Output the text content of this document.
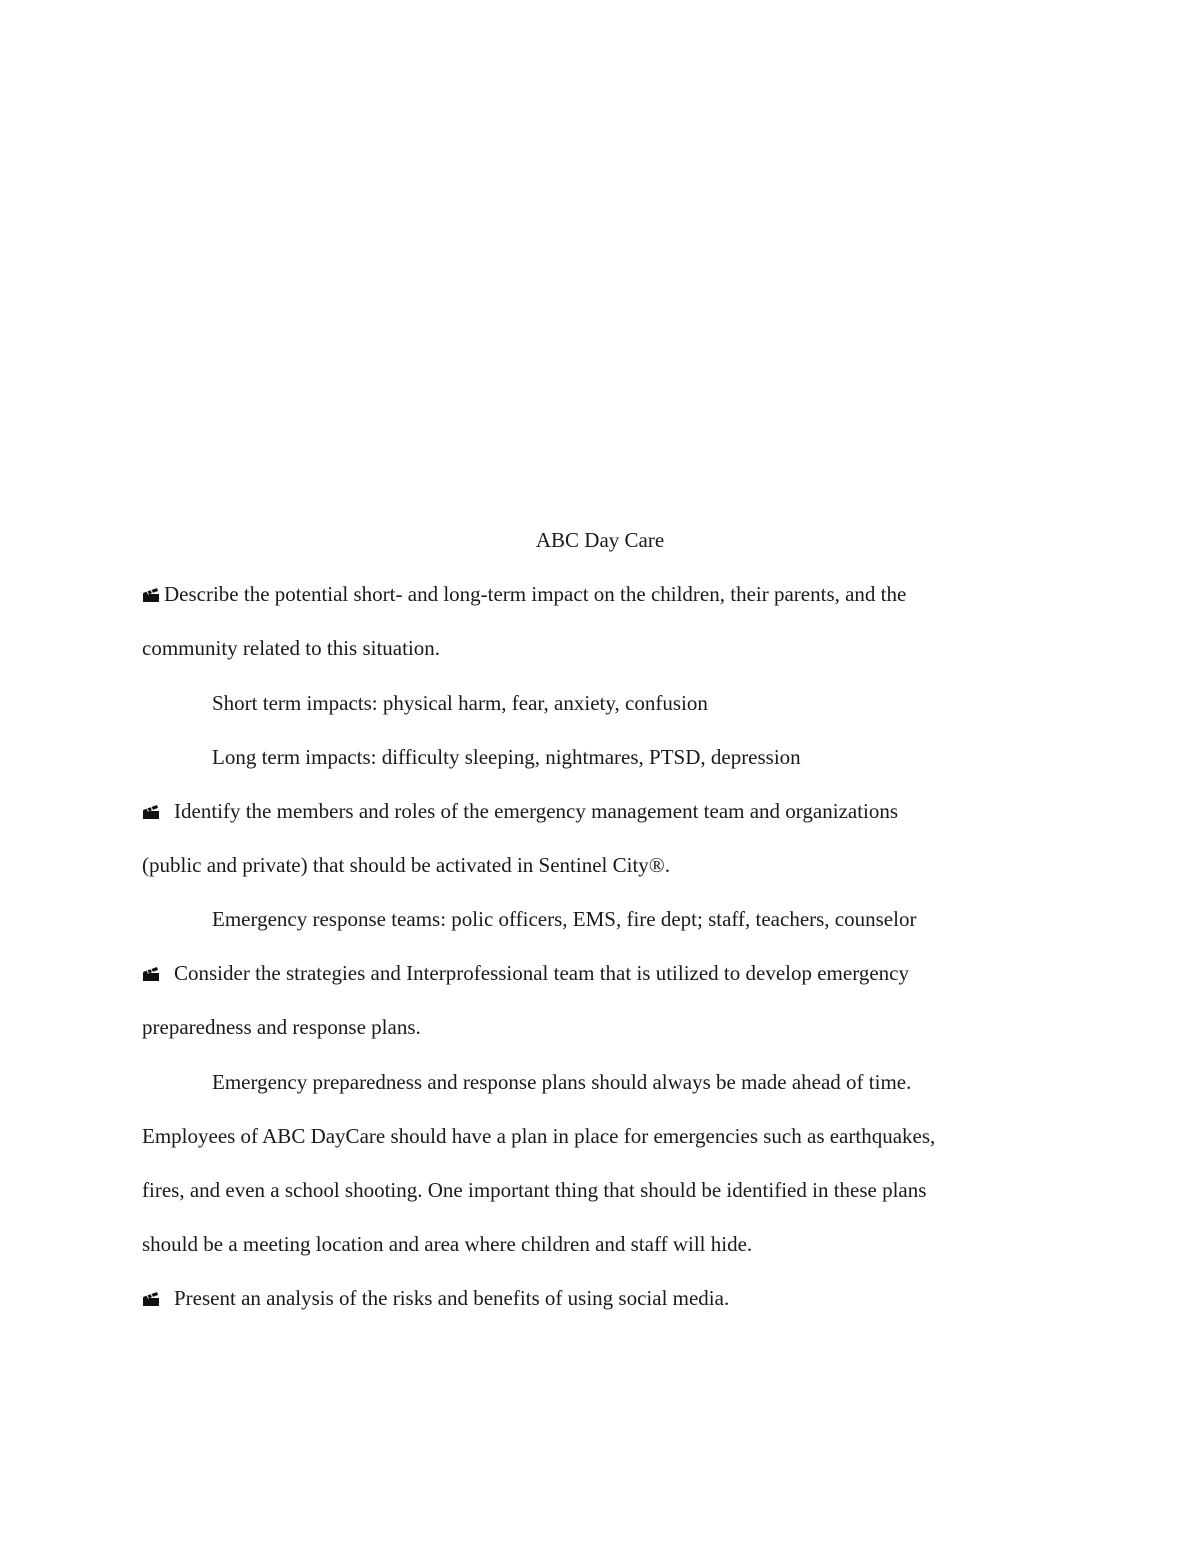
ABC Day Care
Describe the potential short- and long-term impact on the children, their parents, and the
community related to this situation.
Short term impacts: physical harm, fear, anxiety, confusion
Long term impacts: difficulty sleeping, nightmares, PTSD, depression
Identify the members and roles of the emergency management team and organizations
(public and private) that should be activated in Sentinel City®.
Emergency response teams: polic officers, EMS, fire dept; staff, teachers, counselor
Consider the strategies and Interprofessional team that is utilized to develop emergency
preparedness and response plans.
Emergency preparedness and response plans should always be made ahead of time.
Employees of ABC DayCare should have a plan in place for emergencies such as earthquakes,
fires, and even a school shooting. One important thing that should be identified in these plans
should be a meeting location and area where children and staff will hide.
Present an analysis of the risks and benefits of using social media.
